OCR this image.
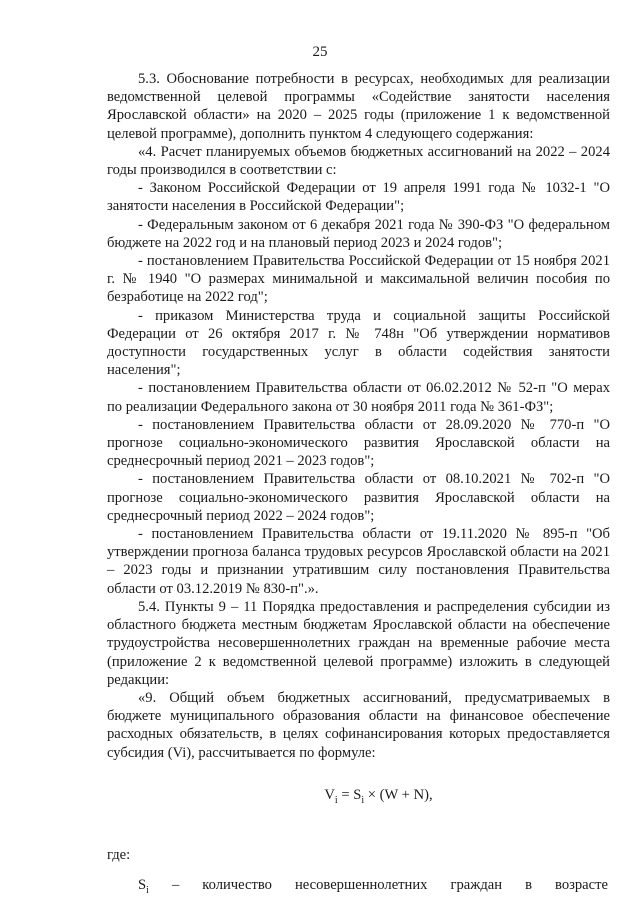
25

5.3. Обоснование потребности в ресурсах, необходимых для реализации ведомственной целевой программы «Содействие занятости населения Ярославской области» на 2020 – 2025 годы (приложение 1 к ведомственной целевой программе), дополнить пунктом 4 следующего содержания:

«4. Расчет планируемых объемов бюджетных ассигнований на 2022 – 2024 годы производился в соответствии с:

- Законом Российской Федерации от 19 апреля 1991 года № 1032-1 "О занятости населения в Российской Федерации";

- Федеральным законом от 6 декабря 2021 года № 390-ФЗ "О федеральном бюджете на 2022 год и на плановый период 2023 и 2024 годов";

- постановлением Правительства Российской Федерации от 15 ноября 2021 г. № 1940 "О размерах минимальной и максимальной величин пособия по безработице на 2022 год";

- приказом Министерства труда и социальной защиты Российской Федерации от 26 октября 2017 г. № 748н "Об утверждении нормативов доступности государственных услуг в области содействия занятости населения";

- постановлением Правительства области от 06.02.2012 № 52-п "О мерах по реализации Федерального закона от 30 ноября 2011 года № 361-ФЗ";

- постановлением Правительства области от 28.09.2020 № 770-п "О прогнозе социально-экономического развития Ярославской области на среднесрочный период 2021 – 2023 годов";

- постановлением Правительства области от 08.10.2021 № 702-п "О прогнозе социально-экономического развития Ярославской области на среднесрочный период 2022 – 2024 годов";

- постановлением Правительства области от 19.11.2020 № 895-п "Об утверждении прогноза баланса трудовых ресурсов Ярославской области на 2021 – 2023 годы и признании утратившим силу постановления Правительства области от 03.12.2019 № 830-п".».

5.4. Пункты 9 – 11 Порядка предоставления и распределения субсидии из областного бюджета местным бюджетам Ярославской области на обеспечение трудоустройства несовершеннолетних граждан на временные рабочие места (приложение 2 к ведомственной целевой программе) изложить в следующей редакции:

«9. Общий объем бюджетных ассигнований, предусматриваемых в бюджете муниципального образования области на финансовое обеспечение расходных обязательств, в целях софинансирования которых предоставляется субсидия (Vi), рассчитывается по формуле:

$V_i = S_i \times (W + N)$,

где:

$S_i$ – количество несовершеннолетних граждан в возрасте
